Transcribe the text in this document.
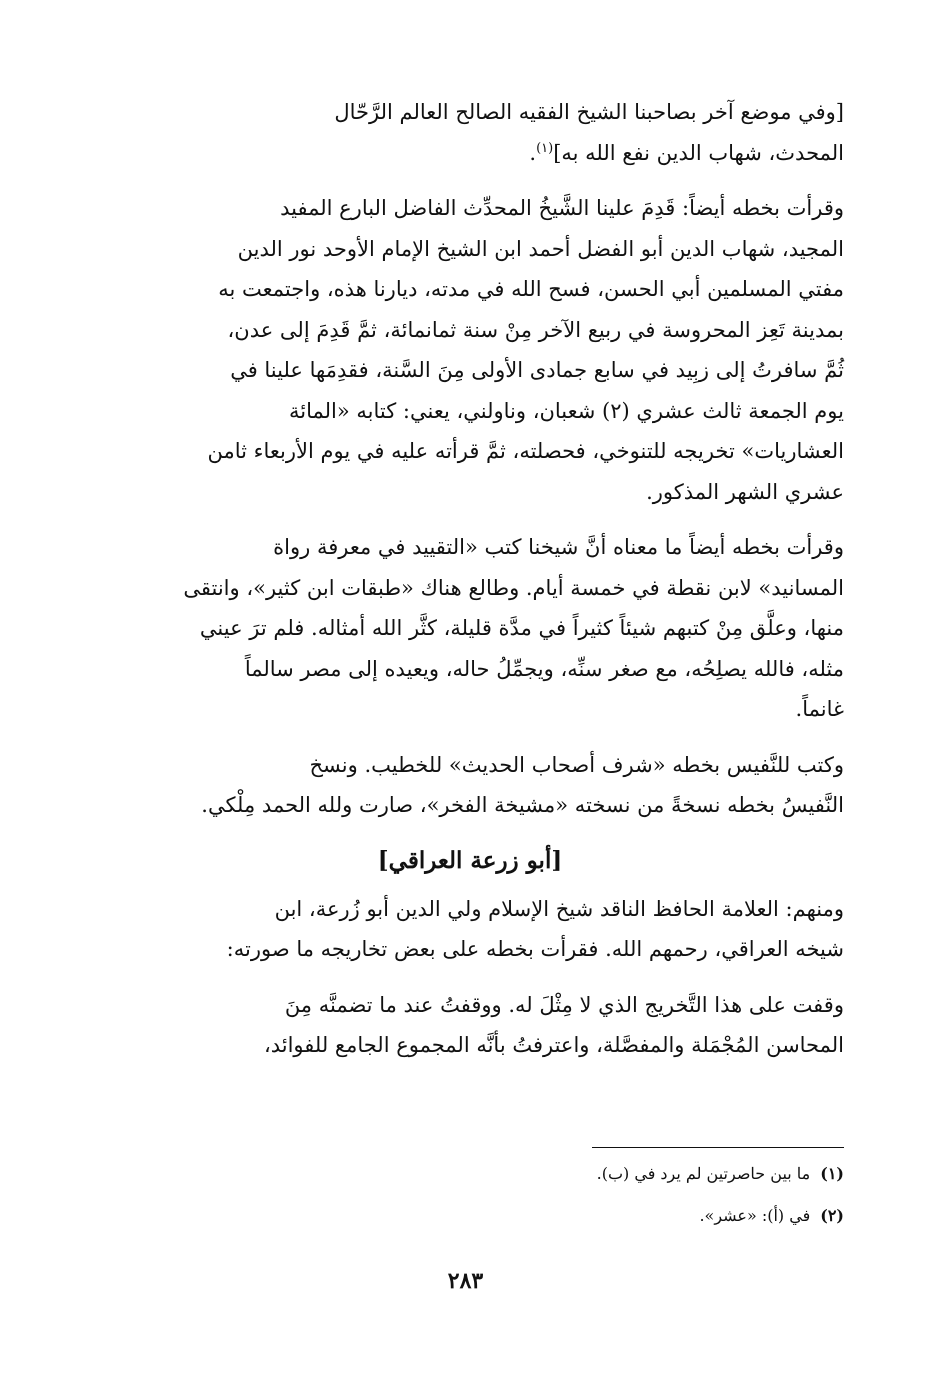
[وفي موضع آخر بصاحبنا الشيخ الفقيه الصالح العالم الرَّحّال

المحدث، شهاب الدين نفع الله به]$^{(١)}$.

وقرأت بخطه أيضاً: قَدِمَ علينا الشَّيخُ المحدِّث الفاضل البارع المفيد

المجيد، شهاب الدين أبو الفضل أحمد ابن الشيخ الإمام الأوحد نور الدين

مفتي المسلمين أبي الحسن، فسح الله في مدته، ديارنا هذه، واجتمعت به

بمدينة تَعِز المحروسة في ربيع الآخر مِنْ سنة ثمانمائة، ثمَّ قَدِمَ إلى عدن،

ثُمَّ سافرتُ إلى زبِيد في سابع جمادى الأولى مِنَ السَّنة، فقدِمَها علينا في

يوم الجمعة ثالث عشري (٢) شعبان، وناولني، يعني: كتابه «المائة

العشاريات» تخريجه للتنوخي، فحصلته، ثمَّ قرأته عليه في يوم الأربعاء ثامن

عشري الشهر المذكور.

وقرأت بخطه أيضاً ما معناه أنَّ شيخنا كتب «التقييد في معرفة رواة

المسانيد» لابن نقطة في خمسة أيام. وطالع هناك «طبقات ابن كثير»، وانتقى

منها، وعلَّق مِنْ كتبهم شيئاً كثيراً في مدَّة قليلة، كثَّر الله أمثاله. فلم ترَ عيني

مثله، فالله يصلِحُه، مع صغر سنِّه، ويجمِّلُ حاله، ويعيده إلى مصر سالماً

غانماً.

وكتب للنَّفيس بخطه «شرف أصحاب الحديث» للخطيب. ونسخ

النَّفيسُ بخطه نسخةً من نسخته «مشيخة الفخر»، صارت ولله الحمد مِلْكي.

[أبو زرعة العراقي]

ومنهم: العلامة الحافظ الناقد شيخ الإسلام ولي الدين أبو زُرعة، ابن

شيخه العراقي، رحمهم الله. فقرأت بخطه على بعض تخاريجه ما صورته:

وقفت على هذا التَّخريج الذي لا مِثْلَ له. ووقفتُ عند ما تضمنَّه مِنَ

المحاسن المُجْمَلة والمفصَّلة، واعترفتُ بأنَّه المجموع الجامع للفوائد،

(١)ما بين حاصرتين لم يرد في (ب).

(٢)في (أ): «عشر».

٢٨٣
